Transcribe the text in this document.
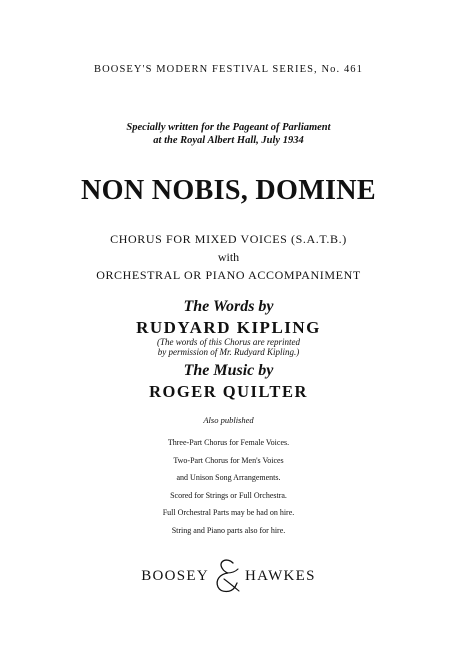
BOOSEY'S MODERN FESTIVAL SERIES, No. 461
Specially written for the Pageant of Parliament
at the Royal Albert Hall, July 1934
NON NOBIS, DOMINE
CHORUS FOR MIXED VOICES (S.A.T.B.)
with
ORCHESTRAL OR PIANO ACCOMPANIMENT
The Words by
RUDYARD KIPLING
(The words of this Chorus are reprinted
by permission of Mr. Rudyard Kipling.)
The Music by
ROGER QUILTER
Also published
Three-Part Chorus for Female Voices.
Two-Part Chorus for Men's Voices
and Unison Song Arrangements.
Scored for Strings or Full Orchestra.
Full Orchestral Parts may be had on hire.
String and Piano parts also for hire.
BOOSEY HAWKES
